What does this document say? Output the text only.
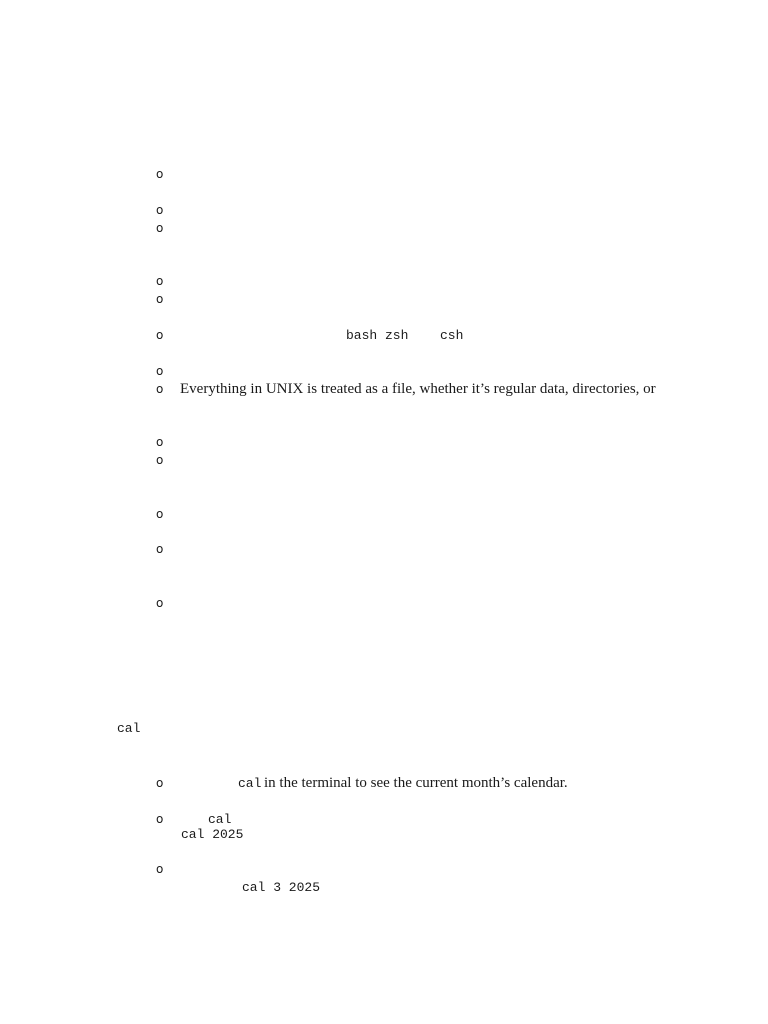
o
o
o
o
o
o	bash zsh csh
o
o Everything in UNIX is treated as a file, whether it’s regular data, directories, or
o
o
o
o
o
cal
o	cal in the terminal to see the current month’s calendar.
o	cal
cal 2025
o
cal 3 2025
